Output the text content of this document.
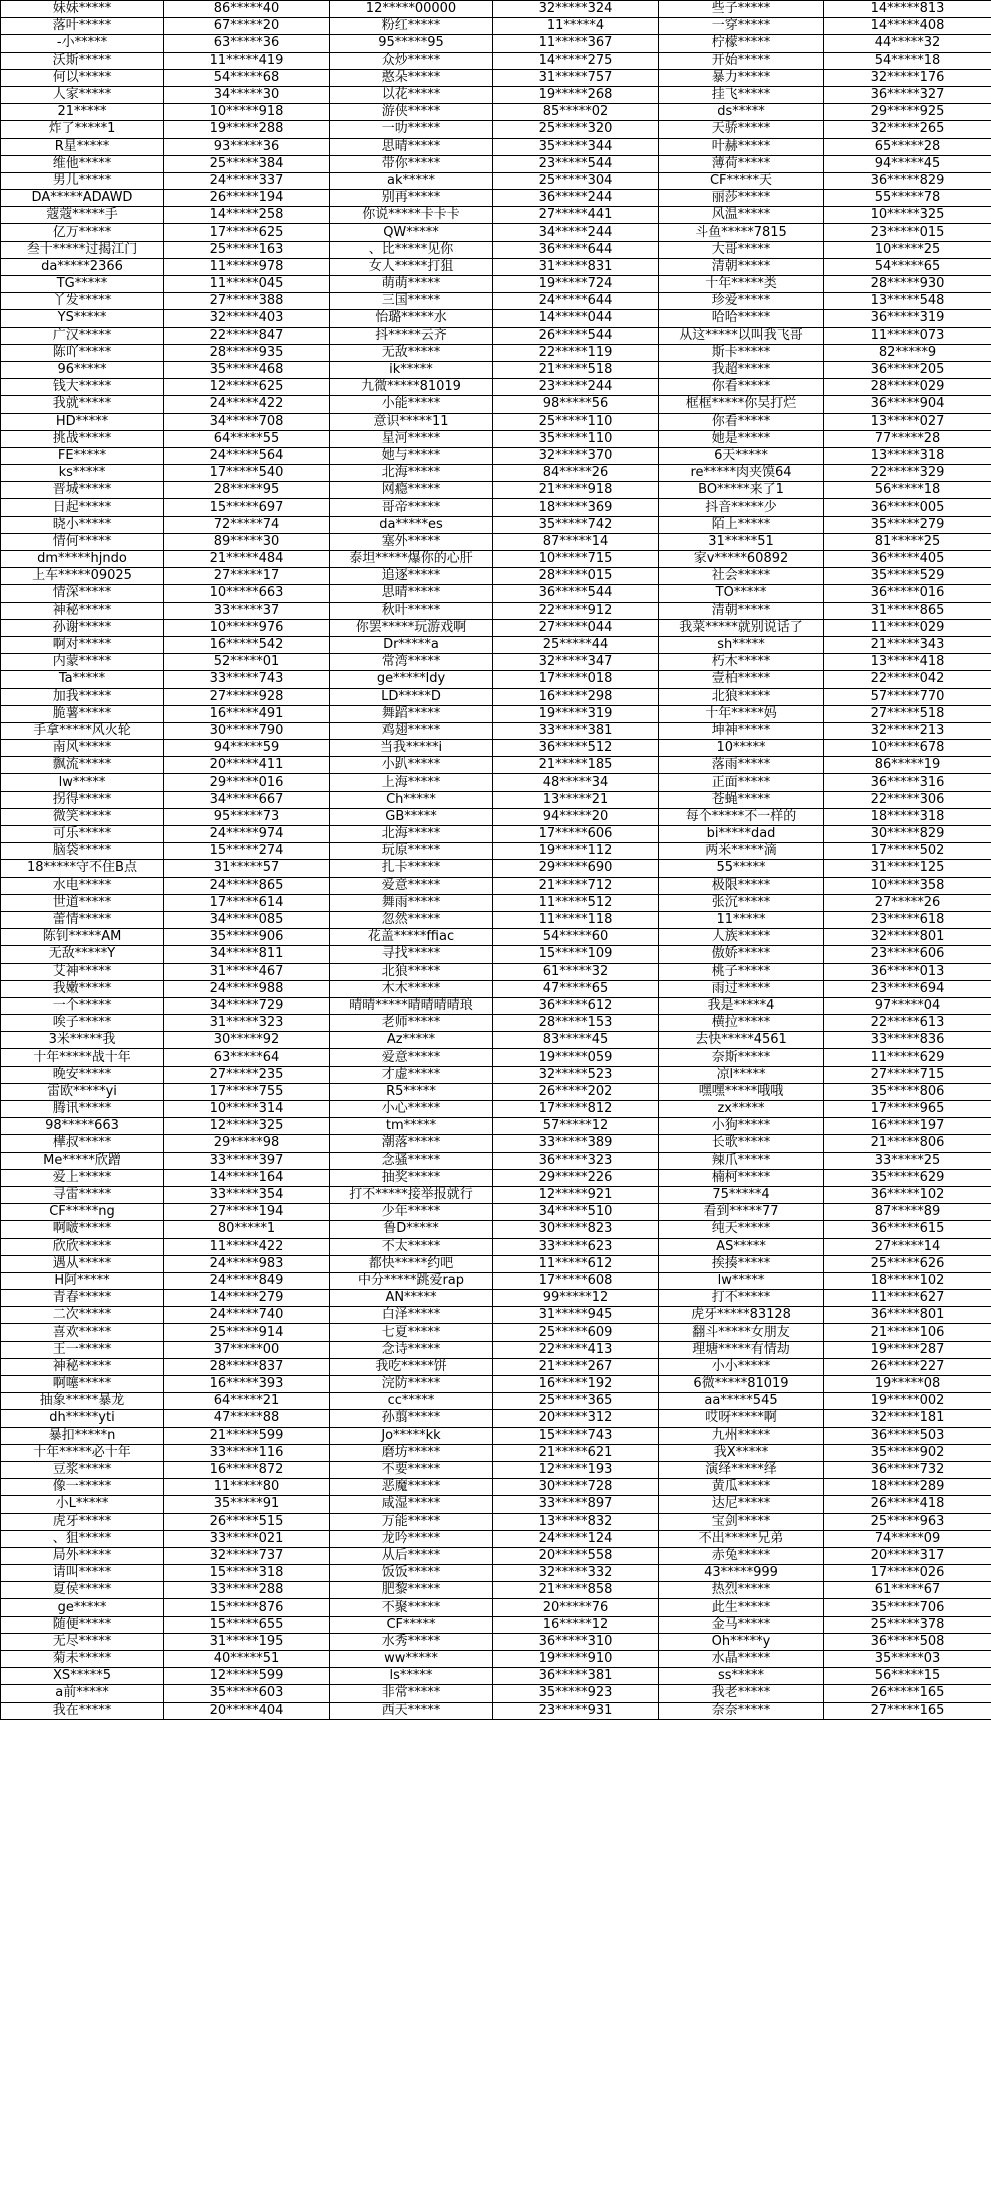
妹妹*****	86*****40	12*****00000	32*****324	些子*****	14*****813
落叶*****	67*****20	粉红*****	11*****4	一穿*****	14*****408
-小*****	63*****36	95*****95	11*****367	柠檬*****	44*****32
沃斯*****	11*****419	众炒*****	14*****275	开始*****	54*****18
何以*****	54*****68	憨朵*****	31*****757	暴力*****	32*****176
人家*****	34*****30	以花*****	19*****268	挂飞*****	36*****327
21*****	10*****918	游侠*****	85*****02	ds*****	29*****925
炸了*****1	19*****288	一叻*****	25*****320	天骄*****	32*****265
R星*****	93*****36	思晴*****	35*****344	叶赫*****	65*****28
维他*****	25*****384	带你*****	23*****544	薄荷*****	94*****45
男儿*****	24*****337	ak*****	25*****304	CF*****天	36*****829
DA*****ADAWD	26*****194	别再*****	36*****244	丽莎*****	55*****78
蔻蔻*****手	14*****258	你说*****卡卡卡	27*****441	风温*****	10*****325
亿万*****	17*****625	QW*****	34*****244	斗鱼*****7815	23*****015
叁十*****过揭江门	25*****163	、比*****见你	36*****644	大哥*****	10*****25
da*****2366	11*****978	女人*****打狙	31*****831	清朝*****	54*****65
TG*****	11*****045	萌萌*****	19*****724	十年*****类	28*****930
丫发*****	27*****388	三国*****	24*****644	珍爱*****	13*****548
YS*****	32*****403	怡璐*****水	14*****044	哈哈*****	36*****319
广汉*****	22*****847	抖*****云齐	26*****544	从这*****以叫我飞哥	11*****073
陈吖*****	28*****935	无敌*****	22*****119	斯卡*****	82*****9
96*****	35*****468	ik*****	21*****518	我超*****	36*****205
钱大*****	12*****625	九微*****81019	23*****244	你看*****	28*****029
我就*****	24*****422	小能*****	98*****56	框框*****你吴打烂	36*****904
HD*****	34*****708	意识*****11	25*****110	你看*****	13*****027
挑战*****	64*****55	星河*****	35*****110	她是*****	77*****28
FE*****	24*****564	她与*****	32*****370	6天*****	13*****318
ks*****	17*****540	北海*****	84*****26	re*****肉夹馍64	22*****329
晋城*****	28*****95	网瘾*****	21*****918	BO*****来了1	56*****18
日起*****	15*****697	哥帝*****	18*****369	抖音*****少	36*****005
晓小*****	72*****74	da*****es	35*****742	陌上*****	35*****279
情何*****	89*****30	塞外*****	87*****14	31*****51	81*****25
dm*****hjndo	21*****484	泰坦*****爆你的心肝	10*****715	家v*****60892	36*****405
上车*****09025	27*****17	追逐*****	28*****015	社会*****	35*****529
情深*****	10*****663	思晴*****	36*****544	TO*****	36*****016
神秘*****	33*****37	秋叶*****	22*****912	清朝*****	31*****865
孙谢*****	10*****976	你罢*****玩游戏啊	27*****044	我菜*****就别说话了	11*****029
啊对*****	16*****542	Dr*****a	25*****44	sh*****	21*****343
内蒙*****	52*****01	常湾*****	32*****347	朽木*****	13*****418
Ta*****	33*****743	ge*****ldy	17*****018	壹柏*****	22*****042
加我*****	27*****928	LD*****D	16*****298	北狼*****	57*****770
脆薯*****	16*****491	舞蹈*****	19*****319	十年*****妈	27*****518
手拿*****风火轮	30*****790	鸡翅*****	33*****381	坤神*****	32*****213
南风*****	94*****59	当我*****i	36*****512	10*****	10*****678
飘流*****	20*****411	小趴*****	21*****185	落雨*****	86*****19
lw*****	29*****016	上海*****	48*****34	正面*****	36*****316
拐得*****	34*****667	Ch*****	13*****21	苍蝇*****	22*****306
微笑*****	95*****73	GB*****	94*****20	每个*****不一样的	18*****318
可乐*****	24*****974	北海*****	17*****606	bi*****dad	30*****829
脑袋*****	15*****274	玩原*****	19*****112	两米*****滴	17*****502
18*****守不住B点	31*****57	扎卡*****	29*****690	55*****	31*****125
水电*****	24*****865	爱意*****	21*****712	极限*****	10*****358
世道*****	17*****614	舞雨*****	11*****512	张沉*****	27*****26
蕾情*****	34*****085	忽然*****	11*****118	11*****	23*****618
陈钊*****AM	35*****906	花盖*****ffiac	54*****60	人族*****	32*****801
无敌*****Y	34*****811	寻找*****	15*****109	傲娇*****	23*****606
艾神*****	31*****467	北狼*****	61*****32	桃子*****	36*****013
我嫩*****	24*****988	木木*****	47*****65	雨过*****	23*****694
一个*****	34*****729	晴晴*****晴晴晴晴琅	36*****612	我是*****4	97*****04
唉子*****	31*****323	老师*****	28*****153	横拉*****	22*****613
3米*****我	30*****92	Az*****	83*****45	去快*****4561	33*****836
十年*****战十年	63*****64	爱意*****	19*****059	奈斯*****	11*****629
晚安*****	27*****235	才虚*****	32*****523	凉l*****	27*****715
雷欧*****yi	17*****755	R5*****	26*****202	嘿嘿*****哦哦	35*****806
腾讯*****	10*****314	小心*****	17*****812	zx*****	17*****965
98*****663	12*****325	tm*****	57*****12	小狗*****	16*****197
樺叔*****	29*****98	潮落*****	33*****389	长歌*****	21*****806
Me*****欣蹭	33*****397	念骚*****	36*****323	辣爪*****	33*****25
爱上*****	14*****164	抽奖*****	29*****226	楠柯*****	35*****629
寻雷*****	33*****354	打不*****接举报就行	12*****921	75*****4	36*****102
CF*****ng	27*****194	少年*****	34*****510	看到*****77	87*****89
啊啵*****	80*****1	鲁D*****	30*****823	纯天*****	36*****615
欣欣*****	11*****422	不太*****	33*****623	AS*****	27*****14
遇从*****	24*****983	都快*****约吧	11*****612	挨揍*****	25*****626
H阿*****	24*****849	中分*****跳爱rap	17*****608	lw*****	18*****102
青春*****	14*****279	AN*****	99*****12	打不*****	11*****627
二次*****	24*****740	白泽*****	31*****945	虎牙*****83128	36*****801
喜欢*****	25*****914	七夏*****	25*****609	翻斗*****女朋友	21*****106
王一*****	37*****00	念诗*****	22*****413	理塘*****有情劫	19*****287
神秘*****	28*****837	我吃*****饼	21*****267	小小*****	26*****227
啊噻*****	16*****393	浣防*****	16*****192	6微*****81019	19*****08
抽象*****暴龙	64*****21	cc*****	25*****365	aa*****545	19*****002
dh*****yti	47*****88	孙翦*****	20*****312	哎呀*****啊	32*****181
暴扣*****n	21*****599	Jo*****kk	15*****743	九州*****	36*****503
十年*****必十年	33*****116	磨坊*****	21*****621	我X*****	35*****902
豆浆*****	16*****872	不要*****	12*****193	演绎*****绎	36*****732
像一*****	11*****80	恶魔*****	30*****728	黄瓜*****	18*****289
小L*****	35*****91	咸湿*****	33*****897	达尼*****	26*****418
虎牙*****	26*****515	万能*****	13*****832	宝剑*****	25*****963
、狙*****	33*****021	龙吟*****	24*****124	不出*****兄弟	74*****09
局外*****	32*****737	从后*****	20*****558	赤兔*****	20*****317
请叫*****	15*****318	饭饭*****	32*****332	43*****999	17*****026
夏侯*****	33*****288	肥黎*****	21*****858	热烈*****	61*****67
ge*****	15*****876	不聚*****	20*****76	此生*****	35*****706
随便*****	15*****655	CF*****	16*****12	金马*****	25*****378
无尽*****	31*****195	水秀*****	36*****310	Oh*****y	36*****508
菊未*****	40*****51	ww*****	19*****910	水晶*****	35*****03
XS*****5	12*****599	ls*****	36*****381	ss*****	56*****15
a前*****	35*****603	非常*****	35*****923	我老*****	26*****165
我在*****	20*****404	西天*****	23*****931	奈奈*****	27*****165
